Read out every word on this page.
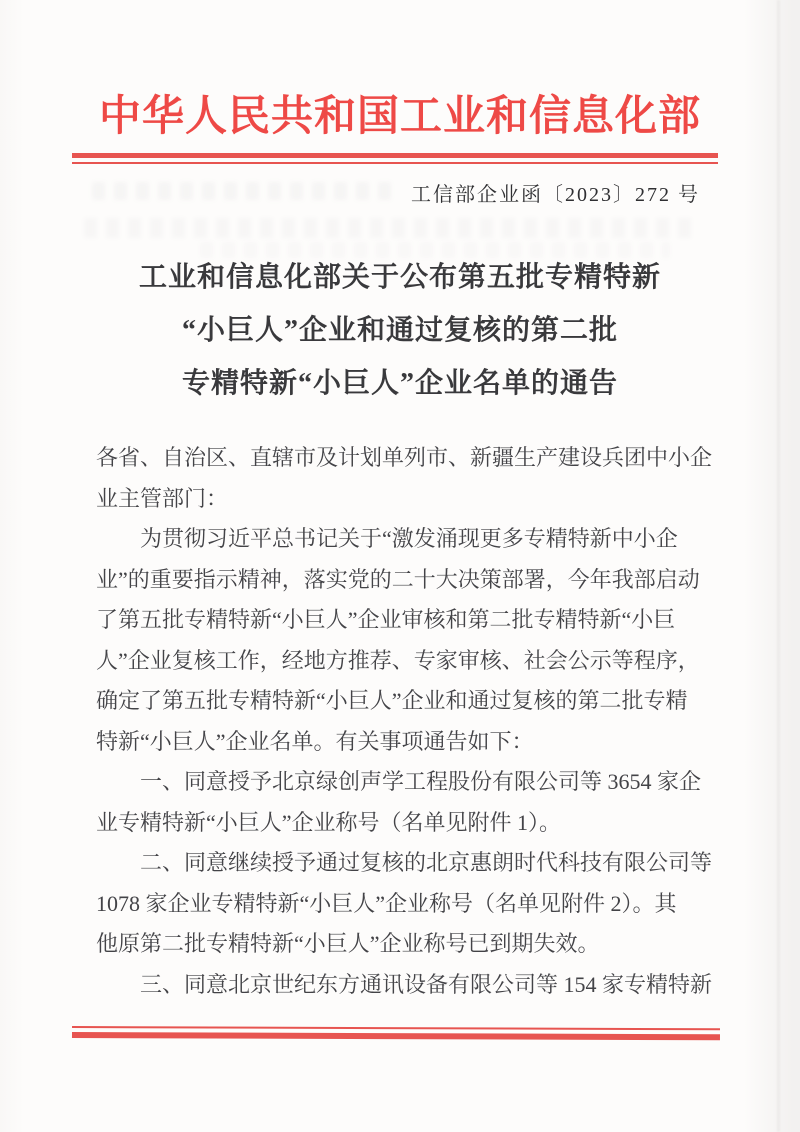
中华人民共和国工业和信息化部
工信部企业函〔2023〕272 号
工业和信息化部关于公布第五批专精特新
“小巨人”企业和通过复核的第二批
专精特新“小巨人”企业名单的通告
各省、自治区、直辖市及计划单列市、新疆生产建设兵团中小企
业主管部门：
为贯彻习近平总书记关于“激发涌现更多专精特新中小企
业”的重要指示精神，落实党的二十大决策部署，今年我部启动
了第五批专精特新“小巨人”企业审核和第二批专精特新“小巨
人”企业复核工作，经地方推荐、专家审核、社会公示等程序，
确定了第五批专精特新“小巨人”企业和通过复核的第二批专精
特新“小巨人”企业名单。有关事项通告如下：
一、同意授予北京绿创声学工程股份有限公司等 3654 家企
业专精特新“小巨人”企业称号（名单见附件 1）。
二、同意继续授予通过复核的北京惠朗时代科技有限公司等
1078 家企业专精特新“小巨人”企业称号（名单见附件 2）。其
他原第二批专精特新“小巨人”企业称号已到期失效。
三、同意北京世纪东方通讯设备有限公司等 154 家专精特新
